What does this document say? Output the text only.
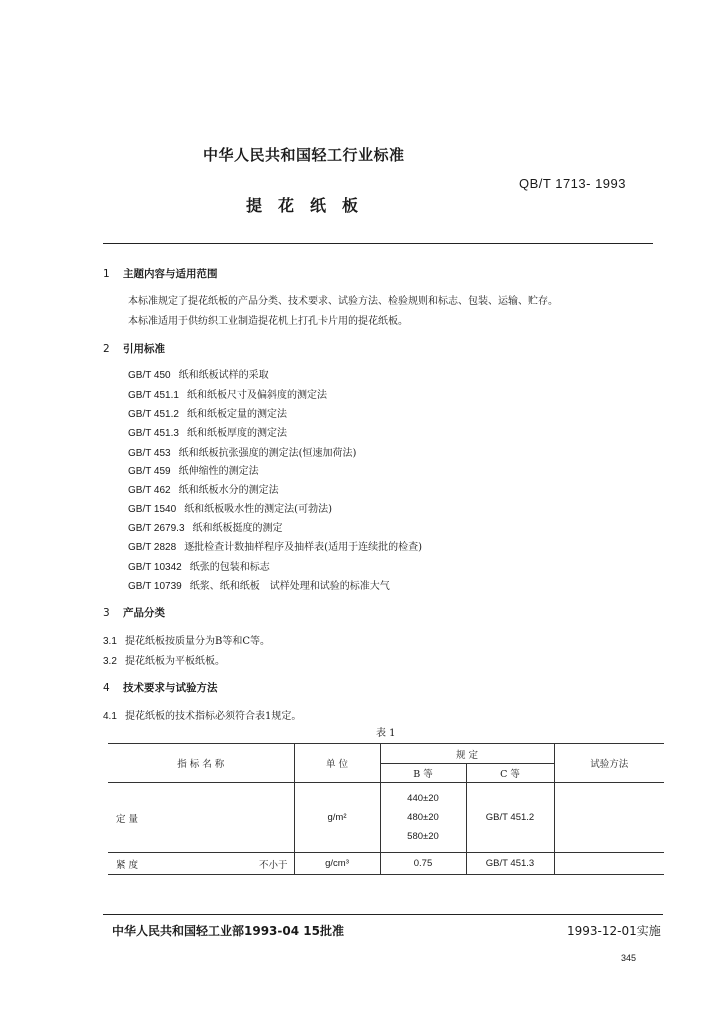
中华人民共和国轻工行业标准
QB/T 1713- 1993
提花纸板
1 主题内容与适用范围
本标准规定了提花纸板的产品分类、技术要求、试验方法、检验规则和标志、包装、运输、贮存。
本标准适用于供纺织工业制造提花机上打孔卡片用的提花纸板。
2 引用标准
GB/T 450 纸和纸板试样的采取
GB/T 451.1 纸和纸板尺寸及偏斜度的测定法
GB/T 451.2 纸和纸板定量的测定法
GB/T 451.3 纸和纸板厚度的测定法
GB/T 453 纸和纸板抗张强度的测定法(恒速加荷法)
GB/T 459 纸伸缩性的测定法
GB/T 462 纸和纸板水分的测定法
GB/T 1540 纸和纸板吸水性的测定法(可勃法)
GB/T 2679.3 纸和纸板挺度的测定
GB/T 2828 逐批检查计数抽样程序及抽样表(适用于连续批的检查)
GB/T 10342 纸张的包装和标志
GB/T 10739 纸浆、纸和纸板　试样处理和试验的标准大气
3 产品分类
3.1 提花纸板按质量分为B等和C等。
3.2 提花纸板为平板纸板。
4 技术要求与试验方法
4.1 提花纸板的技术指标必须符合表1规定。
表 1
指 标 名 称	单 位	规 定		试验方法
		B 等	C 等	
定 量	g/m²	440±20
480±20
580±20	GB/T 451.2	
紧 度 不小于	g/cm³	0.75	GB/T 451.3	
中华人民共和国轻工业部1993-04 15批准	1993-12-01实施
345
